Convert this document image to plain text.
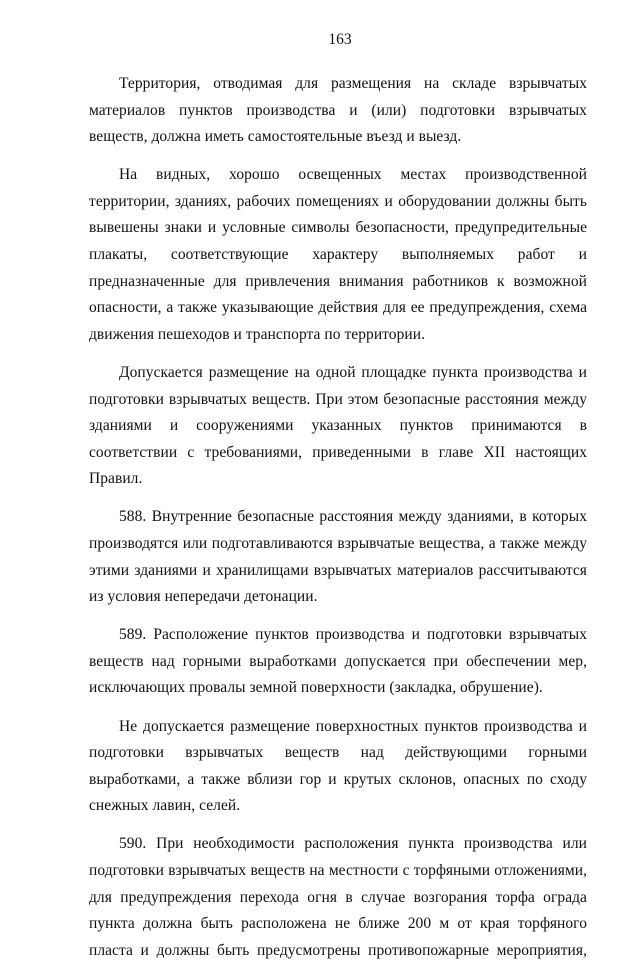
163

Территория, отводимая для размещения на складе взрывчатых материалов пунктов производства и (или) подготовки взрывчатых веществ, должна иметь самостоятельные въезд и выезд.

На видных, хорошо освещенных местах производственной территории, зданиях, рабочих помещениях и оборудовании должны быть вывешены знаки и условные символы безопасности, предупредительные плакаты, соответствующие характеру выполняемых работ и предназначенные для привлечения внимания работников к возможной опасности, а также указывающие действия для ее предупреждения, схема движения пешеходов и транспорта по территории.

Допускается размещение на одной площадке пункта производства и подготовки взрывчатых веществ. При этом безопасные расстояния между зданиями и сооружениями указанных пунктов принимаются в соответствии с требованиями, приведенными в главе XII настоящих Правил.

588. Внутренние безопасные расстояния между зданиями, в которых производятся или подготавливаются взрывчатые вещества, а также между этими зданиями и хранилищами взрывчатых материалов рассчитываются из условия непередачи детонации.

589. Расположение пунктов производства и подготовки взрывчатых веществ над горными выработками допускается при обеспечении мер, исключающих провалы земной поверхности (закладка, обрушение).

Не допускается размещение поверхностных пунктов производства и подготовки взрывчатых веществ над действующими горными выработками, а также вблизи гор и крутых склонов, опасных по сходу снежных лавин, селей.

590. При необходимости расположения пункта производства или подготовки взрывчатых веществ на местности с торфяными отложениями, для предупреждения перехода огня в случае возгорания торфа ограда пункта должна быть расположена не ближе 200 м от края торфяного пласта и должны быть предусмотрены противопожарные мероприятия,
